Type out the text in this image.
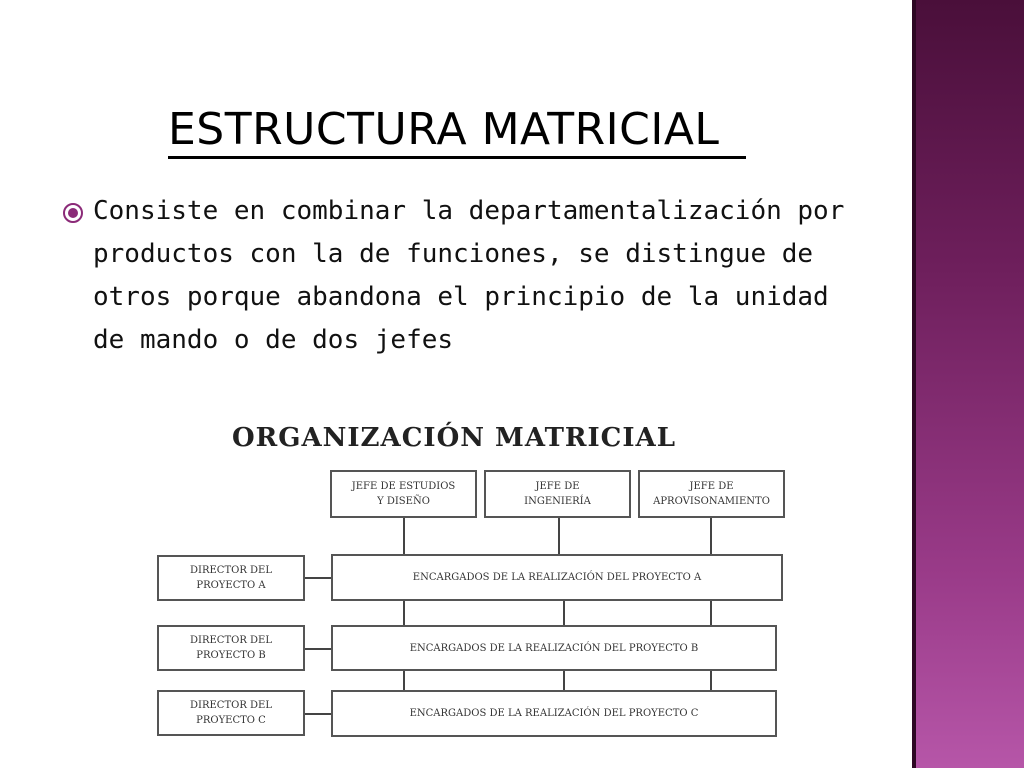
ESTRUCTURA MATRICIAL
Consiste en combinar la departamentalización por productos con la de funciones, se distingue de otros porque abandona el principio de la unidad de mando o de dos jefes
ORGANIZACIÓN MATRICIAL
JEFE DE ESTUDIOS
Y DISEÑO
JEFE DE
INGENIERÍA
JEFE DE
APROVISONAMIENTO
DIRECTOR DEL
PROYECTO A
DIRECTOR DEL
PROYECTO B
DIRECTOR DEL
PROYECTO C
ENCARGADOS DE LA REALIZACIÓN DEL PROYECTO A
ENCARGADOS DE LA REALIZACIÓN DEL PROYECTO B
ENCARGADOS DE LA REALIZACIÓN DEL PROYECTO C
